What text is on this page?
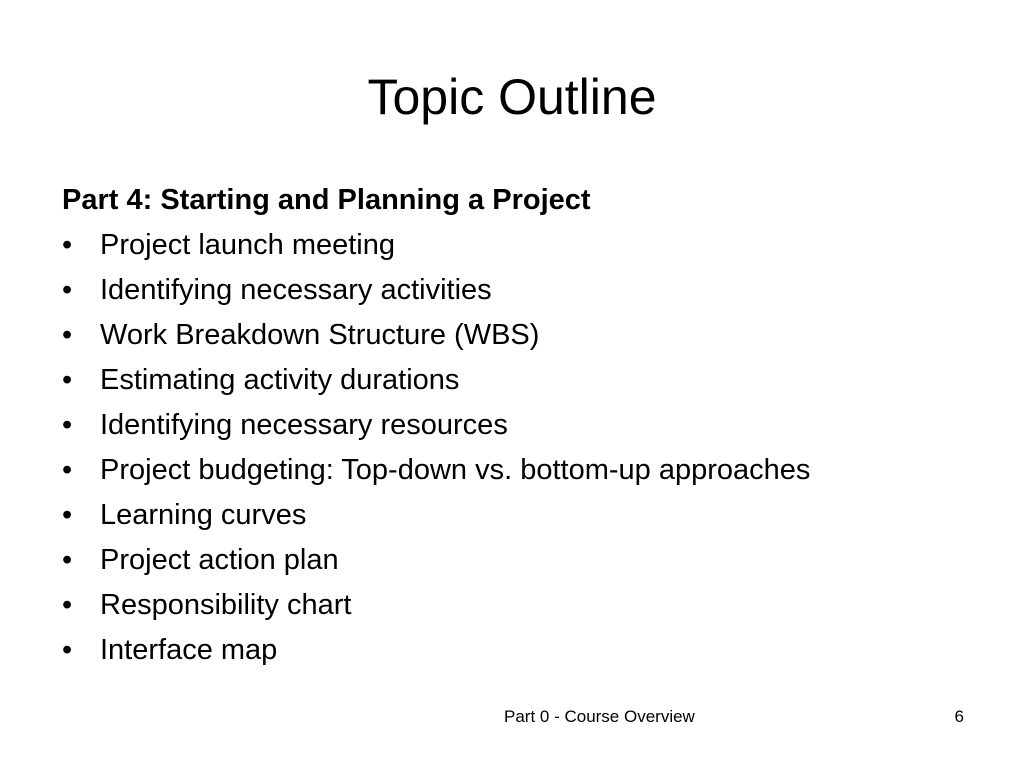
Topic Outline
Part 4: Starting and Planning a Project
• Project launch meeting
• Identifying necessary activities
• Work Breakdown Structure (WBS)
• Estimating activity durations
• Identifying necessary resources
• Project budgeting: Top-down vs. bottom-up approaches
• Learning curves
• Project action plan
• Responsibility chart
• Interface map
Part 0 - Course Overview	6
